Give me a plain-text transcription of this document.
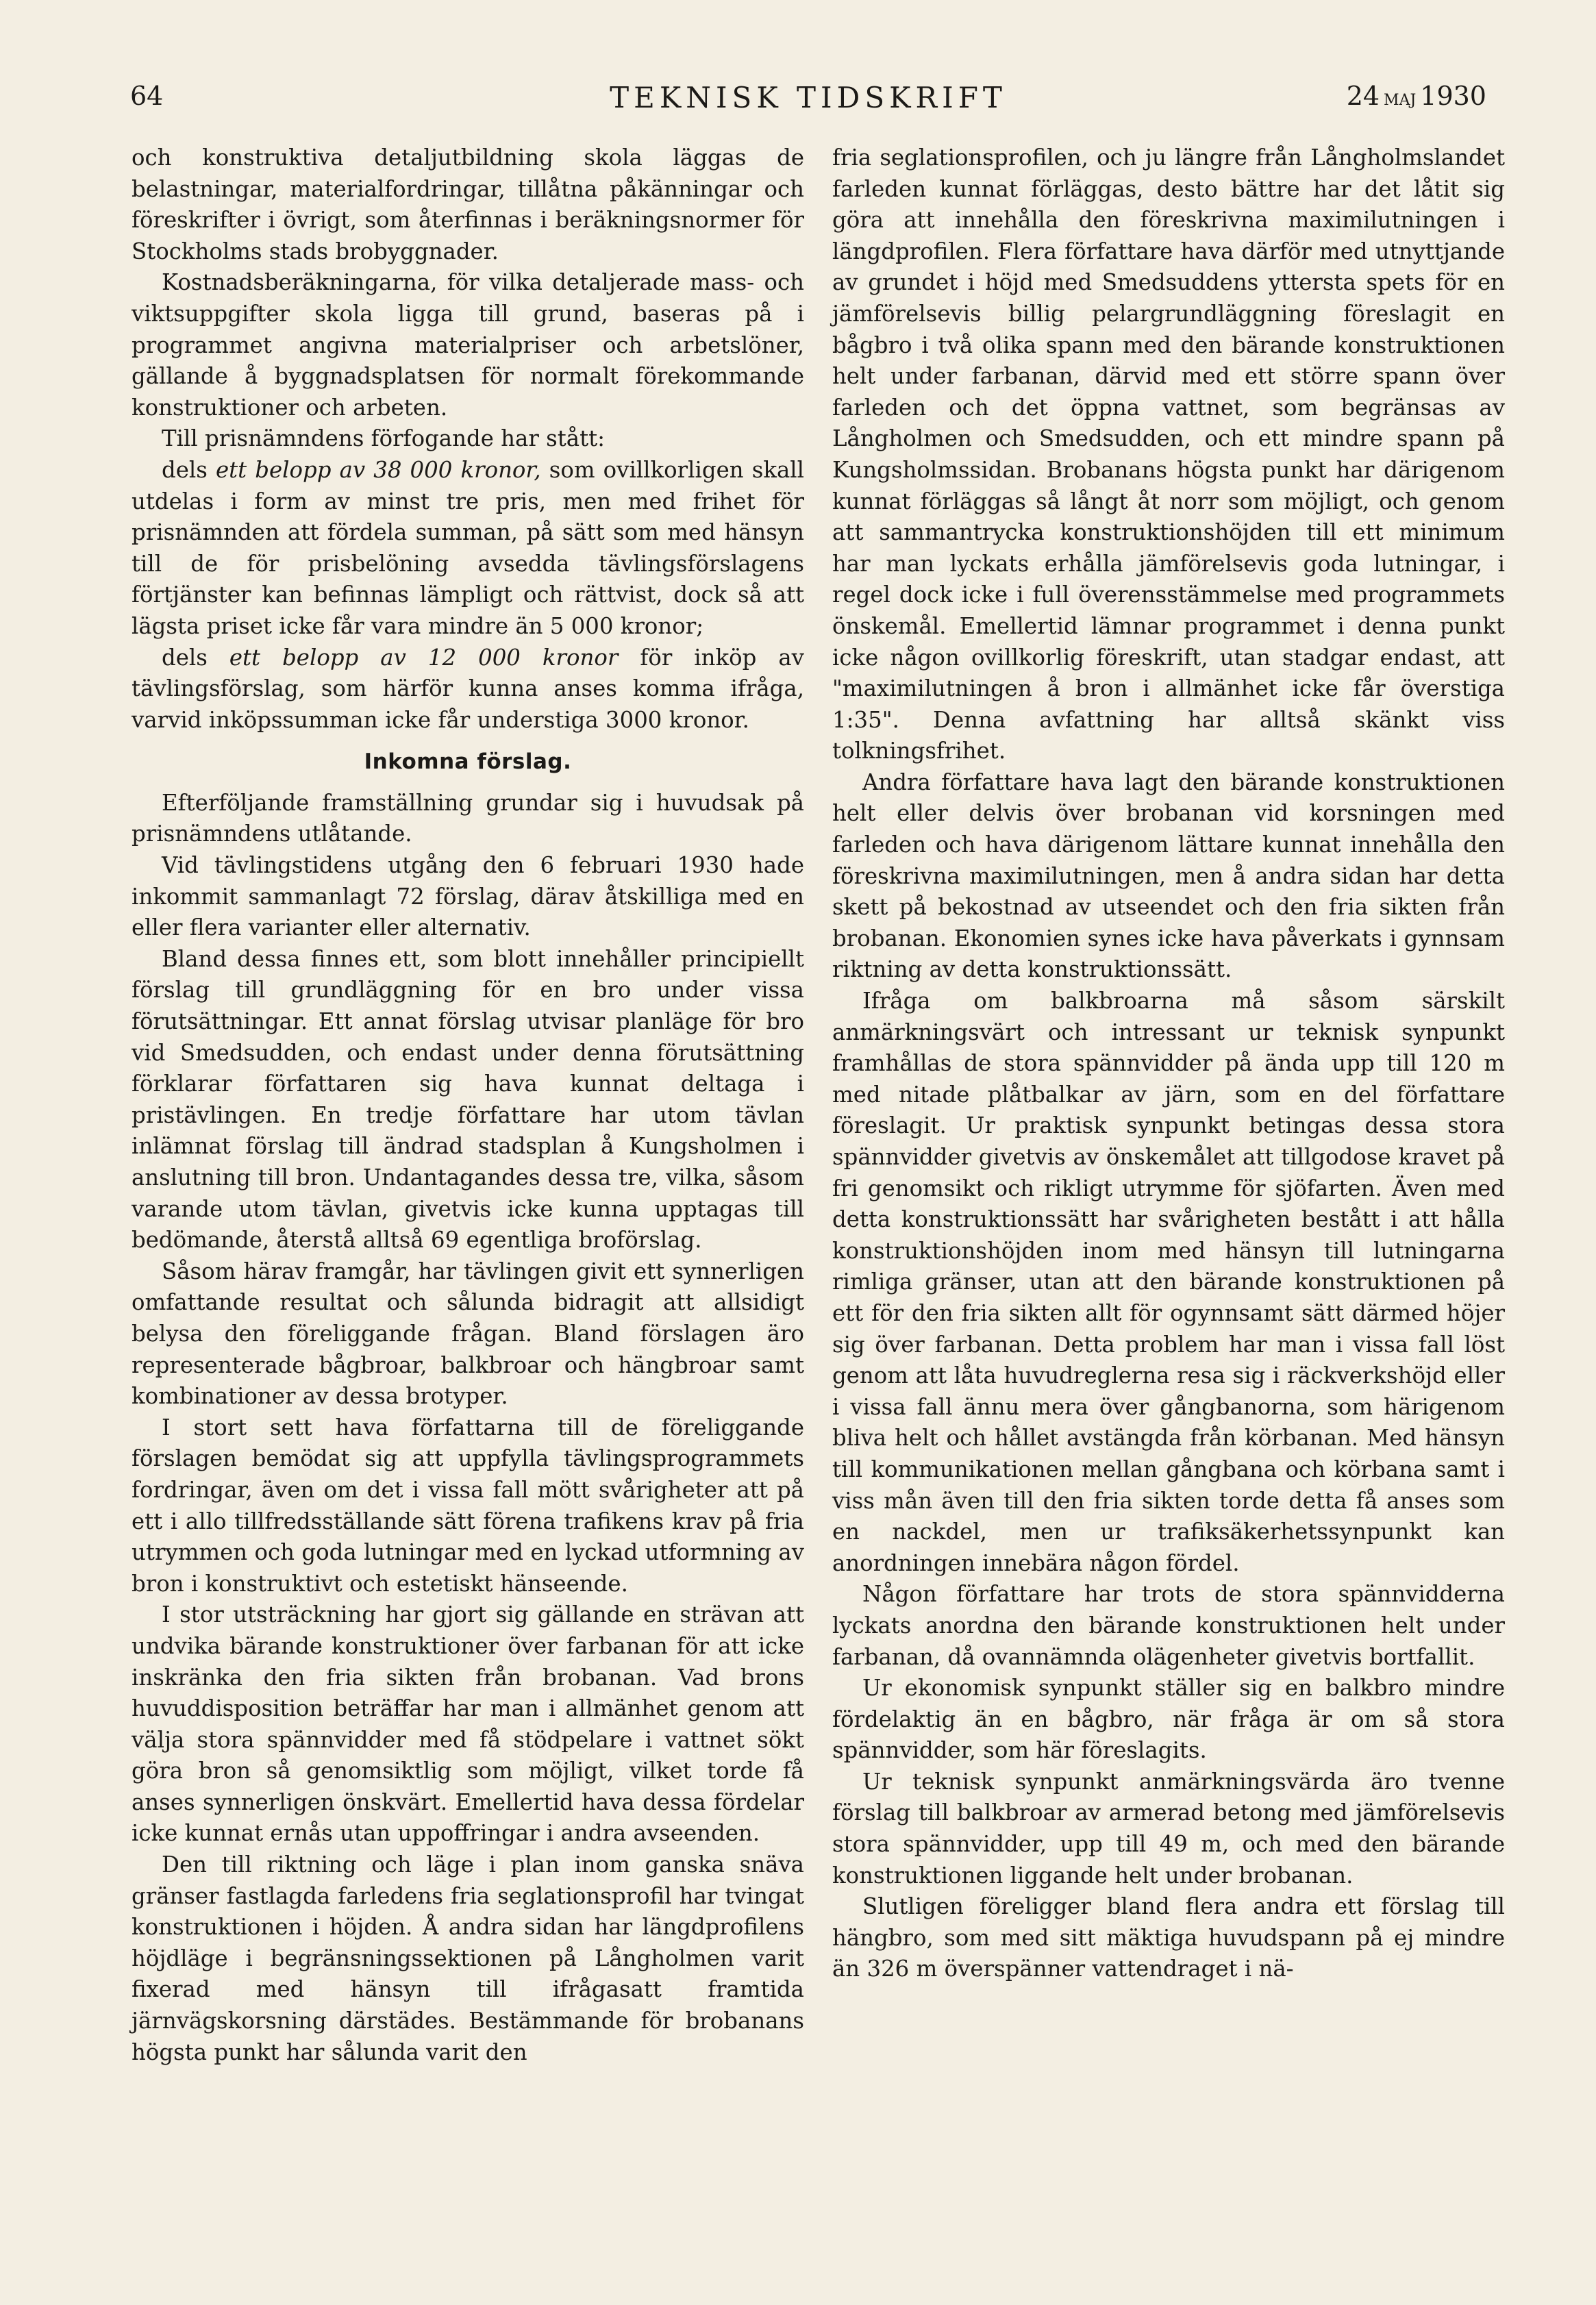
64	TEKNISK TIDSKRIFT	24 maj 1930

och konstruktiva detaljutbildning skola läggas de belastningar, materialfordringar, tillåtna påkänningar och föreskrifter i övrigt, som återfinnas i beräkningsnormer för Stockholms stads brobyggnader.

Kostnadsberäkningarna, för vilka detaljerade mass- och viktsuppgifter skola ligga till grund, baseras på i programmet angivna materialpriser och arbetslöner, gällande å byggnadsplatsen för normalt förekommande konstruktioner och arbeten.

Till prisnämndens förfogande har stått:

dels ett belopp av 38 000 kronor, som ovillkorligen skall utdelas i form av minst tre pris, men med frihet för prisnämnden att fördela summan, på sätt som med hänsyn till de för prisbelöning avsedda tävlingsförslagens förtjänster kan befinnas lämpligt och rättvist, dock så att lägsta priset icke får vara mindre än 5 000 kronor;

dels ett belopp av 12 000 kronor för inköp av tävlingsförslag, som härför kunna anses komma ifråga, varvid inköpssumman icke får understiga 3000 kronor.

Inkomna förslag.

Efterföljande framställning grundar sig i huvudsak på prisnämndens utlåtande.

Vid tävlingstidens utgång den 6 februari 1930 hade inkommit sammanlagt 72 förslag, därav åtskilliga med en eller flera varianter eller alternativ.

Bland dessa finnes ett, som blott innehåller principiellt förslag till grundläggning för en bro under vissa förutsättningar. Ett annat förslag utvisar planläge för bro vid Smedsudden, och endast under denna förutsättning förklarar författaren sig hava kunnat deltaga i pristävlingen. En tredje författare har utom tävlan inlämnat förslag till ändrad stadsplan å Kungsholmen i anslutning till bron. Undantagandes dessa tre, vilka, såsom varande utom tävlan, givetvis icke kunna upptagas till bedömande, återstå alltså 69 egentliga broförslag.

Såsom härav framgår, har tävlingen givit ett synnerligen omfattande resultat och sålunda bidragit att allsidigt belysa den föreliggande frågan. Bland förslagen äro representerade bågbroar, balkbroar och hängbroar samt kombinationer av dessa brotyper.

I stort sett hava författarna till de föreliggande förslagen bemödat sig att uppfylla tävlingsprogrammets fordringar, även om det i vissa fall mött svårigheter att på ett i allo tillfredsställande sätt förena trafikens krav på fria utrymmen och goda lutningar med en lyckad utformning av bron i konstruktivt och estetiskt hänseende.

I stor utsträckning har gjort sig gällande en strävan att undvika bärande konstruktioner över farbanan för att icke inskränka den fria sikten från brobanan. Vad brons huvuddisposition beträffar har man i allmänhet genom att välja stora spännvidder med få stödpelare i vattnet sökt göra bron så genomsiktlig som möjligt, vilket torde få anses synnerligen önskvärt. Emellertid hava dessa fördelar icke kunnat ernås utan uppoffringar i andra avseenden.

Den till riktning och läge i plan inom ganska snäva gränser fastlagda farledens fria seglationsprofil har tvingat konstruktionen i höjden. Å andra sidan har längdprofilens höjdläge i begränsningssektionen på Långholmen varit fixerad med hänsyn till ifrågasatt framtida järnvägskorsning därstädes. Bestämmande för brobanans högsta punkt har sålunda varit den

fria seglationsprofilen, och ju längre från Långholmslandet farleden kunnat förläggas, desto bättre har det låtit sig göra att innehålla den föreskrivna maximilutningen i längdprofilen. Flera författare hava därför med utnyttjande av grundet i höjd med Smedsuddens yttersta spets för en jämförelsevis billig pelargrundläggning föreslagit en bågbro i två olika spann med den bärande konstruktionen helt under farbanan, därvid med ett större spann över farleden och det öppna vattnet, som begränsas av Långholmen och Smedsudden, och ett mindre spann på Kungsholmssidan. Brobanans högsta punkt har därigenom kunnat förläggas så långt åt norr som möjligt, och genom att sammantrycka konstruktionshöjden till ett minimum har man lyckats erhålla jämförelsevis goda lutningar, i regel dock icke i full överensstämmelse med programmets önskemål. Emellertid lämnar programmet i denna punkt icke någon ovillkorlig föreskrift, utan stadgar endast, att "maximilutningen å bron i allmänhet icke får överstiga 1:35". Denna avfattning har alltså skänkt viss tolkningsfrihet.

Andra författare hava lagt den bärande konstruktionen helt eller delvis över brobanan vid korsningen med farleden och hava därigenom lättare kunnat innehålla den föreskrivna maximilutningen, men å andra sidan har detta skett på bekostnad av utseendet och den fria sikten från brobanan. Ekonomien synes icke hava påverkats i gynnsam riktning av detta konstruktionssätt.

Ifråga om balkbroarna må såsom särskilt anmärkningsvärt och intressant ur teknisk synpunkt framhållas de stora spännvidder på ända upp till 120 m med nitade plåtbalkar av järn, som en del författare föreslagit. Ur praktisk synpunkt betingas dessa stora spännvidder givetvis av önskemålet att tillgodose kravet på fri genomsikt och rikligt utrymme för sjöfarten. Även med detta konstruktionssätt har svårigheten bestått i att hålla konstruktionshöjden inom med hänsyn till lutningarna rimliga gränser, utan att den bärande konstruktionen på ett för den fria sikten allt för ogynnsamt sätt därmed höjer sig över farbanan. Detta problem har man i vissa fall löst genom att låta huvudreglerna resa sig i räckverkshöjd eller i vissa fall ännu mera över gångbanorna, som härigenom bliva helt och hållet avstängda från körbanan. Med hänsyn till kommunikationen mellan gångbana och körbana samt i viss mån även till den fria sikten torde detta få anses som en nackdel, men ur trafiksäkerhetssynpunkt kan anordningen innebära någon fördel.

Någon författare har trots de stora spännvidderna lyckats anordna den bärande konstruktionen helt under farbanan, då ovannämnda olägenheter givetvis bortfallit.

Ur ekonomisk synpunkt ställer sig en balkbro mindre fördelaktig än en bågbro, när fråga är om så stora spännvidder, som här föreslagits.

Ur teknisk synpunkt anmärkningsvärda äro tvenne förslag till balkbroar av armerad betong med jämförelsevis stora spännvidder, upp till 49 m, och med den bärande konstruktionen liggande helt under brobanan.

Slutligen föreligger bland flera andra ett förslag till hängbro, som med sitt mäktiga huvudspann på ej mindre än 326 m överspänner vattendraget i nä-
